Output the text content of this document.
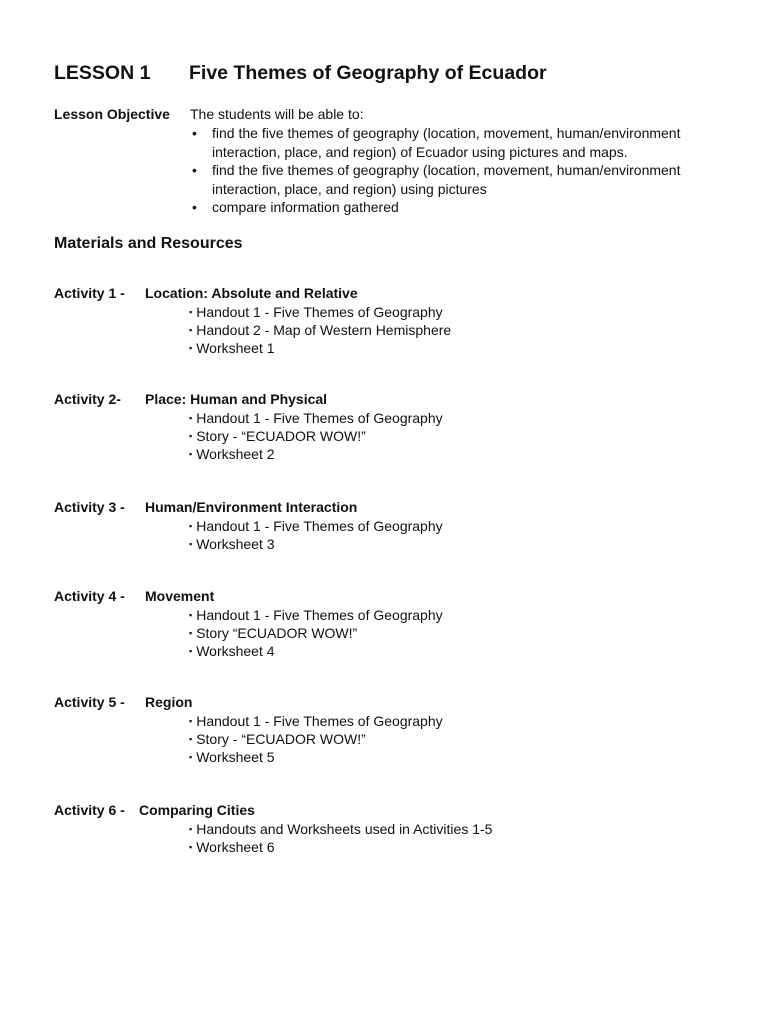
LESSON 1 Five Themes of Geography of Ecuador
Lesson Objective The students will be able to:
• find the five themes of geography (location, movement, human/environment interaction, place, and region) of Ecuador using pictures and maps.
• find the five themes of geography (location, movement, human/environment interaction, place, and region) using pictures
• compare information gathered
Materials and Resources
Activity 1 - Location: Absolute and Relative
▪ Handout 1 - Five Themes of Geography
▪ Handout 2 - Map of Western Hemisphere
▪ Worksheet 1
Activity 2- Place: Human and Physical
▪ Handout 1 - Five Themes of Geography
▪ Story - “ECUADOR WOW!”
▪ Worksheet 2
Activity 3 - Human/Environment Interaction
▪ Handout 1 - Five Themes of Geography
▪ Worksheet 3
Activity 4 - Movement
▪ Handout 1 - Five Themes of Geography
▪ Story “ECUADOR WOW!”
▪ Worksheet 4
Activity 5 - Region
▪ Handout 1 - Five Themes of Geography
▪ Story - “ECUADOR WOW!”
▪ Worksheet 5
Activity 6 - Comparing Cities
▪ Handouts and Worksheets used in Activities 1-5
▪ Worksheet 6
